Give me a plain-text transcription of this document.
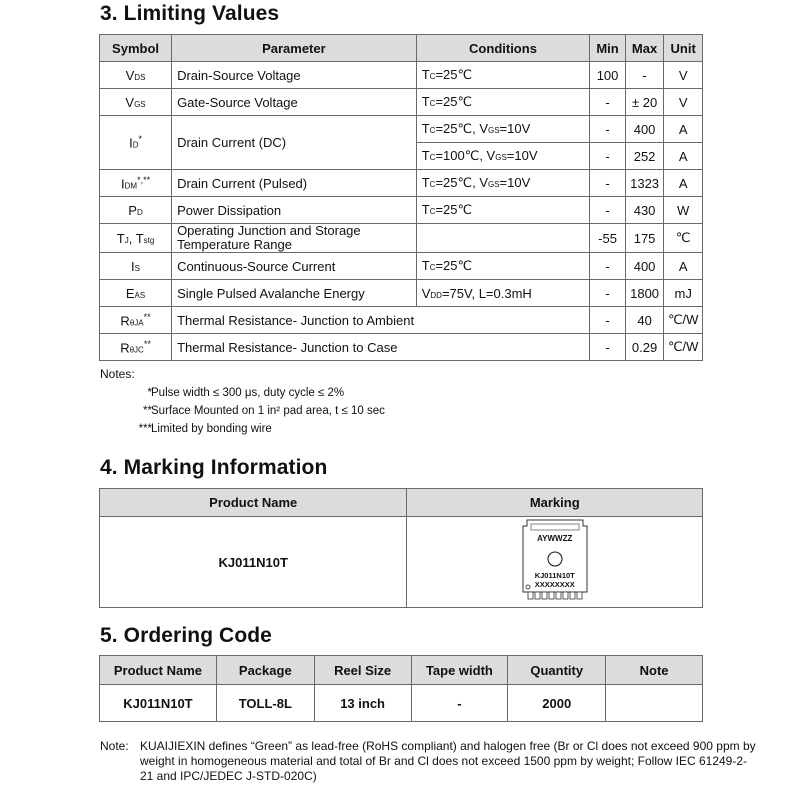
3. Limiting Values
Symbol	Parameter	Conditions	Min	Max	Unit
VDS	Drain-Source Voltage	TC=25℃	100	-	V
VGS	Gate-Source Voltage	TC=25℃	-	± 20	V
ID*	Drain Current (DC)	TC=25℃, VGS=10V	-	400	A
		TC=100℃, VGS=10V	-	252	A
IDM*,**	Drain Current (Pulsed)	TC=25℃, VGS=10V	-	1323	A
PD	Power Dissipation	TC=25℃	-	430	W
TJ, Tstg	Operating Junction and Storage Temperature Range		-55	175	℃
IS	Continuous-Source Current	TC=25℃	-	400	A
EAS	Single Pulsed Avalanche Energy	VDD=75V, L=0.3mH	-	1800	mJ
RθJA**	Thermal Resistance- Junction to Ambient		-	40	℃/W
RθJC**	Thermal Resistance- Junction to Case		-	0.29	℃/W
Notes:
* Pulse width ≤ 300 μs, duty cycle ≤ 2%
** Surface Mounted on 1 in² pad area, t ≤ 10 sec
*** Limited by bonding wire
4. Marking Information
Product Name	Marking
KJ011N10T	AYWWZZ
KJ011N10T
XXXXXXXX
5. Ordering Code
Product Name	Package	Reel Size	Tape width	Quantity	Note
KJ011N10T	TOLL-8L	13 inch	-	2000	
Note: KUAIJIEXIN defines “Green” as lead-free (RoHS compliant) and halogen free (Br or Cl does not exceed 900 ppm by weight in homogeneous material and total of Br and Cl does not exceed 1500 ppm by weight; Follow IEC 61249-2-21 and IPC/JEDEC J-STD-020C)
